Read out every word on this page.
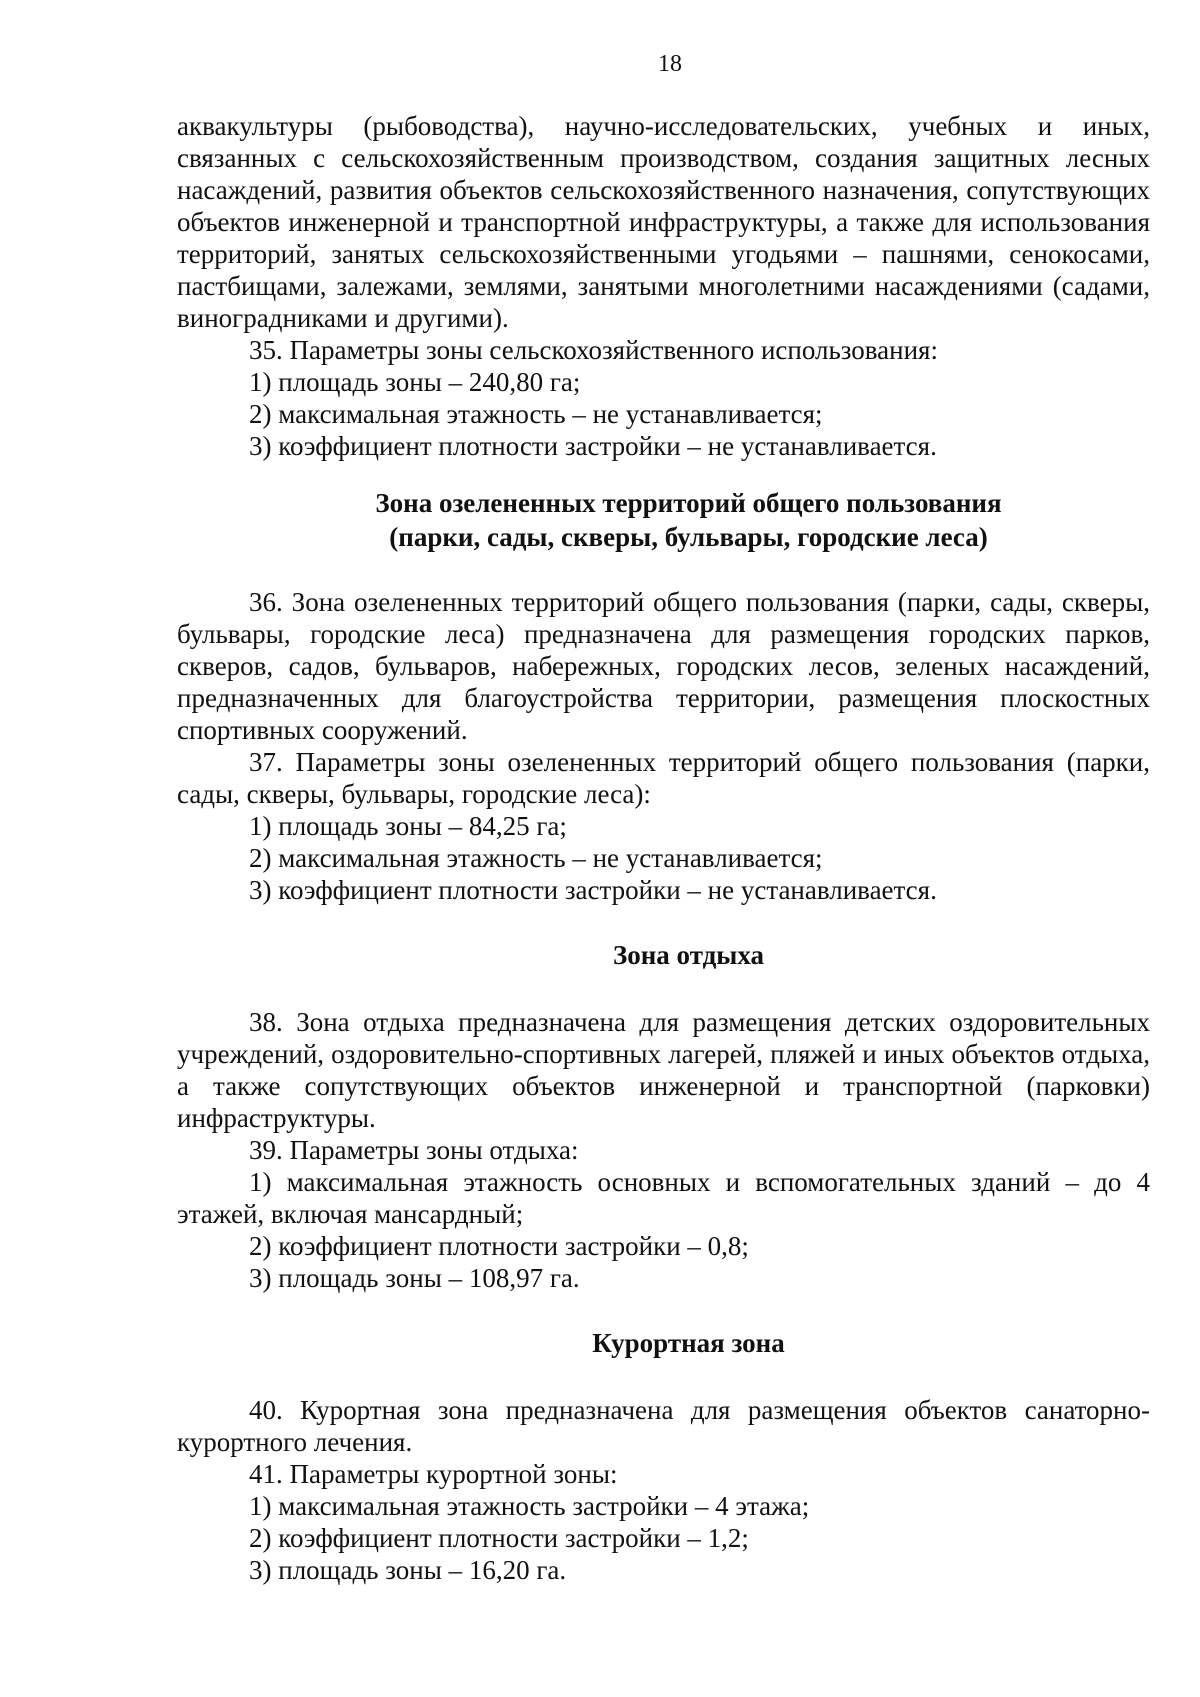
18

аквакультуры (рыбоводства), научно-исследовательских, учебных и иных, связанных с сельскохозяйственным производством, создания защитных лесных насаждений, развития объектов сельскохозяйственного назначения, сопутствующих объектов инженерной и транспортной инфраструктуры, а также для использования территорий, занятых сельскохозяйственными угодьями – пашнями, сенокосами, пастбищами, залежами, землями, занятыми многолетними насаждениями (садами, виноградниками и другими).

35. Параметры зоны сельскохозяйственного использования:

1) площадь зоны – 240,80 га;

2) максимальная этажность – не устанавливается;

3) коэффициент плотности застройки – не устанавливается.

Зона озелененных территорий общего пользования

(парки, сады, скверы, бульвары, городские леса)

36. Зона озелененных территорий общего пользования (парки, сады, скверы, бульвары, городские леса) предназначена для размещения городских парков, скверов, садов, бульваров, набережных, городских лесов, зеленых насаждений, предназначенных для благоустройства территории, размещения плоскостных спортивных сооружений.

37. Параметры зоны озелененных территорий общего пользования (парки, сады, скверы, бульвары, городские леса):

1) площадь зоны – 84,25 га;

2) максимальная этажность – не устанавливается;

3) коэффициент плотности застройки – не устанавливается.

Зона отдыха

38. Зона отдыха предназначена для размещения детских оздоровительных учреждений, оздоровительно-спортивных лагерей, пляжей и иных объектов отдыха, а также сопутствующих объектов инженерной и транспортной (парковки) инфраструктуры.

39. Параметры зоны отдыха:

1) максимальная этажность основных и вспомогательных зданий – до 4 этажей, включая мансардный;

2) коэффициент плотности застройки – 0,8;

3) площадь зоны – 108,97 га.

Курортная зона

40. Курортная зона предназначена для размещения объектов санаторно-курортного лечения.

41. Параметры курортной зоны:

1) максимальная этажность застройки – 4 этажа;

2) коэффициент плотности застройки – 1,2;

3) площадь зоны – 16,20 га.
